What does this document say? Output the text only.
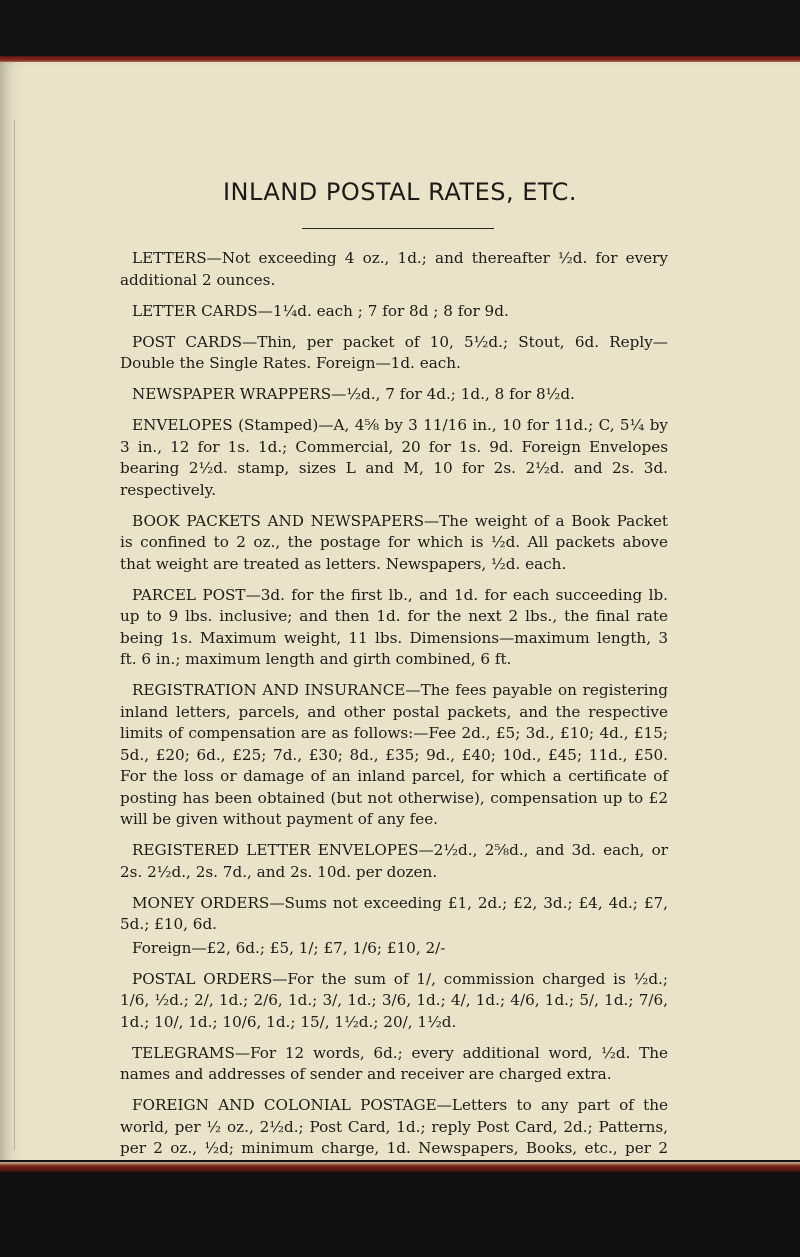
INLAND POSTAL RATES, ETC.

LETTERS—Not exceeding 4 oz., 1d.; and thereafter ½d. for every additional 2 ounces.

LETTER CARDS—1¼d. each ; 7 for 8d ; 8 for 9d.

POST CARDS—Thin, per packet of 10, 5½d.; Stout, 6d. Reply—Double the Single Rates. Foreign—1d. each.

NEWSPAPER WRAPPERS—½d., 7 for 4d.; 1d., 8 for 8½d.

ENVELOPES (Stamped)—A, 4⅝ by 3 11/16 in., 10 for 11d.; C, 5¼ by 3 in., 12 for 1s. 1d.; Commercial, 20 for 1s. 9d. Foreign Envelopes bearing 2½d. stamp, sizes L and M, 10 for 2s. 2½d. and 2s. 3d. respectively.

BOOK PACKETS AND NEWSPAPERS—The weight of a Book Packet is confined to 2 oz., the postage for which is ½d. All packets above that weight are treated as letters. Newspapers, ½d. each.

PARCEL POST—3d. for the first lb., and 1d. for each succeeding lb. up to 9 lbs. inclusive; and then 1d. for the next 2 lbs., the final rate being 1s. Maximum weight, 11 lbs. Dimensions—maximum length, 3 ft. 6 in.; maximum length and girth combined, 6 ft.

REGISTRATION AND INSURANCE—The fees payable on registering inland letters, parcels, and other postal packets, and the respective limits of compensation are as follows:—Fee 2d., £5; 3d., £10; 4d., £15; 5d., £20; 6d., £25; 7d., £30; 8d., £35; 9d., £40; 10d., £45; 11d., £50. For the loss or damage of an inland parcel, for which a certificate of posting has been obtained (but not otherwise), compensation up to £2 will be given without payment of any fee.

REGISTERED LETTER ENVELOPES—2½d., 2⅝d., and 3d. each, or 2s. 2½d., 2s. 7d., and 2s. 10d. per dozen.

MONEY ORDERS—Sums not exceeding £1, 2d.; £2, 3d.; £4, 4d.; £7, 5d.; £10, 6d.

Foreign—£2, 6d.; £5, 1/; £7, 1/6; £10, 2/-

POSTAL ORDERS—For the sum of 1/, commission charged is ½d.; 1/6, ½d.; 2/, 1d.; 2/6, 1d.; 3/, 1d.; 3/6, 1d.; 4/, 1d.; 4/6, 1d.; 5/, 1d.; 7/6, 1d.; 10/, 1d.; 10/6, 1d.; 15/, 1½d.; 20/, 1½d.

TELEGRAMS—For 12 words, 6d.; every additional word, ½d. The names and addresses of sender and receiver are charged extra.

FOREIGN AND COLONIAL POSTAGE—Letters to any part of the world, per ½ oz., 2½d.; Post Card, 1d.; reply Post Card, 2d.; Patterns, per 2 oz., ½d; minimum charge, 1d. Newspapers, Books, etc., per 2
